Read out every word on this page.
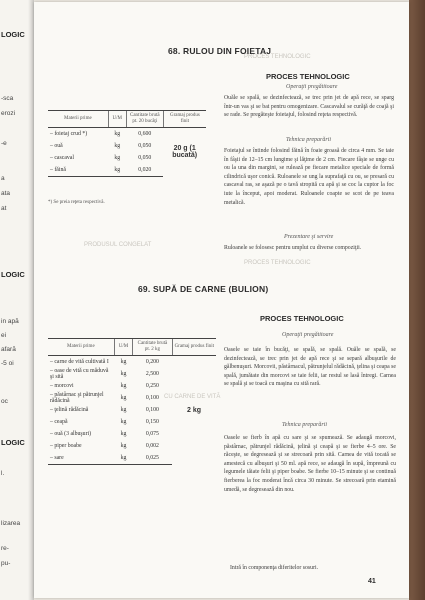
LOGIC
-sca
erozi
-e
a
ata
at
LOGIC
in apă
ei
afară
-5 oi
oc
LOGIC
l.
lizarea
re-
pu-
PROCES TEHNOLOGIC
PRODUSUL CONGELAT
PROCES TEHNOLOGIC
CU CARNE DE VITĂ
68. RULOU DIN FOIETAJ
Materii prime	U/M	Cantitate brută pt. 20 bucăţi	Gramaj produs finit
– foietaj crud *)	kg	0,600	20 g (1 bucată)
– ouă	kg	0,050	
– cascaval	kg	0,050	
– făină	kg	0,020	
*) Se preia reţeta respectivă.
PROCES TEHNOLOGIC
Operaţii pregătitoare
Ouăle se spală, se dezinfectează, se trec prin jet de apă rece, se sparg într-un vas şi se bat pentru omogenizare. Cascavalul se curăţă de coajă şi se rade. Se pregăteşte foietajul, folosind reţeta respectivă.
Tehnica preparării
Foietajul se întinde folosind făină în foaie groasă de circa 4 mm. Se taie în fâşii de 12–15 cm lungime şi lăţime de 2 cm. Fiecare fâşie se unge cu ou la una din margini, se rulează pe fiecare metalice speciale de formă cilindrică uşor conică. Ruloanele se ung la suprafaţă cu ou, se presară cu cascaval ras, se aşază pe o tavă stropită cu apă şi se coc la cuptor la foc iute la început, apoi moderat. Ruloanele coapte se scot de pe teava metalică.
Prezentare şi servire
Ruloanele se folosesc pentru umplut cu diverse compoziţii.
69. SUPĂ DE CARNE (BULION)
Materii prime	U/M	Cantitate brută pt. 2 kg	Gramaj produs finit
– carne de vită cultivată I	kg	0,200	2 kg
– oase de vită cu măduvă şi sită	kg	2,500	
– morcovi	kg	0,250	
– păstârnac şi pătrunjel rădăcină	kg	0,100	
– ţelină rădăcină	kg	0,100	
– ceapă	kg	0,150	
– ouă (3 albuşuri)	kg	0,075	
– piper boabe	kg	0,002	
– sare	kg	0,025	
PROCES TEHNOLOGIC
Operaţii pregătitoare
Oasele se taie în bucăţi, se spală, se spală. Ouăle se spală, se dezinfectează, se trec prin jet de apă rece şi se separă albuşurile de gălbenuşuri. Morcovii, păstârnacul, pătrunjelul rădăcină, ţelina şi ceapa se spală, jumătate din morcovi se taie felii, iar restul se lasă întregi. Carnea se spală şi se toacă cu maşina cu sită rară.
Tehnica preparării
Oasele se fierb în apă cu sare şi se spumează. Se adaugă morcovi, păstârnac, pătrunjel rădăcină, ţelină şi ceapă şi se fierbe 4–5 ore. Se răceşte, se degresează şi se strecoară prin sită. Carnea de vită tocată se amestecă cu albuşuri şi 50 ml. apă rece, se adaugă în supă, împreună cu legumele tăiate felii şi piper boabe. Se fierbe 10–15 minute şi se continuă fierberea la foc moderat încă circa 30 minute. Se strecoară prin etamină umedă, se degresează din nou.
Intră în componenţa diferitelor sosuri.
41
